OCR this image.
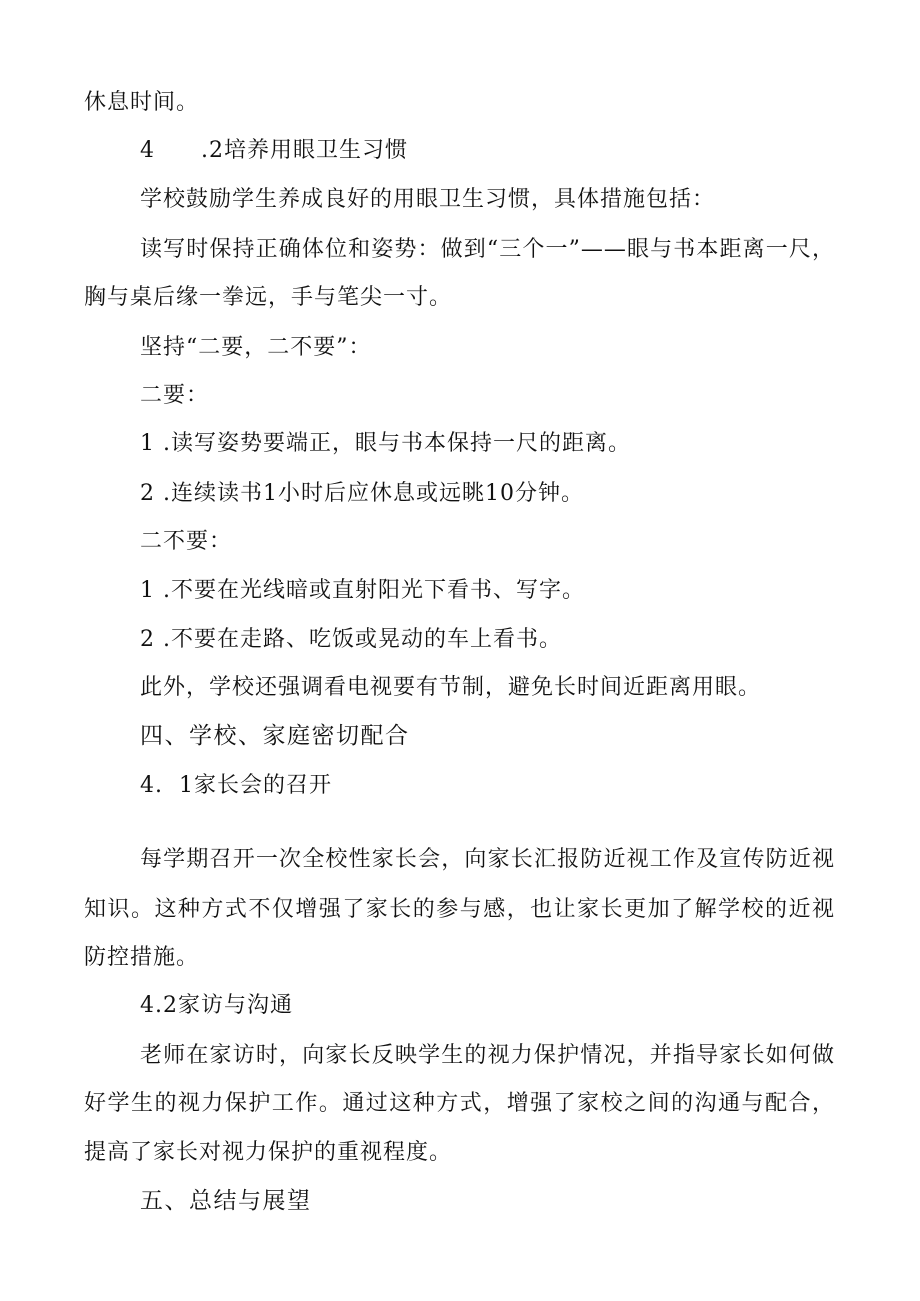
休息时间。
4　　.2培养用眼卫生习惯
学校鼓励学生养成良好的用眼卫生习惯，具体措施包括：
读写时保持正确体位和姿势：做到“三个一”——眼与书本距离一尺，
胸与桌后缘一拳远，手与笔尖一寸。
坚持“二要，二不要”：
二要：
1 .读写姿势要端正，眼与书本保持一尺的距离。
2 .连续读书1小时后应休息或远眺10分钟。
二不要：
1 .不要在光线暗或直射阳光下看书、写字。
2 .不要在走路、吃饭或晃动的车上看书。
此外，学校还强调看电视要有节制，避免长时间近距离用眼。
四、学校、家庭密切配合
4.  1家长会的召开
每学期召开一次全校性家长会，向家长汇报防近视工作及宣传防近视
知识。这种方式不仅增强了家长的参与感，也让家长更加了解学校的近视
防控措施。
4.2家访与沟通
老师在家访时，向家长反映学生的视力保护情况，并指导家长如何做
好学生的视力保护工作。通过这种方式，增强了家校之间的沟通与配合，
提高了家长对视力保护的重视程度。
五、总结与展望
